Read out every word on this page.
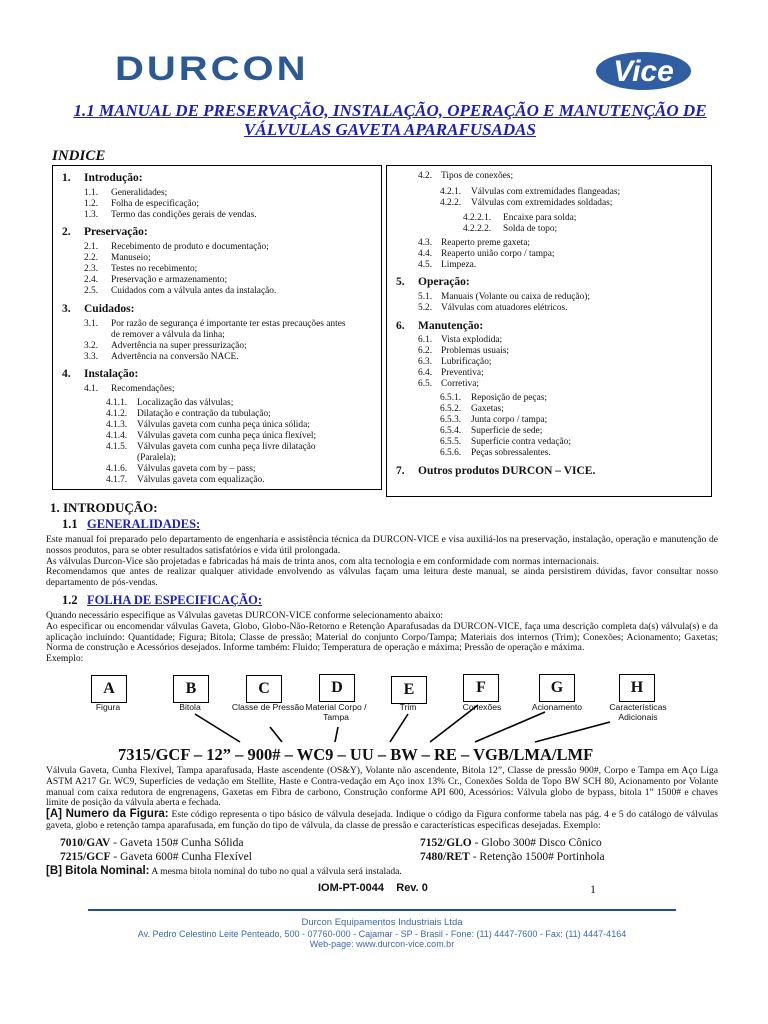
DURCON	Vice
1.1 MANUAL DE PRESERVAÇÃO, INSTALAÇÃO, OPERAÇÃO E MANUTENÇÃO DE
VÁLVULAS GAVETA APARAFUSADAS
INDICE
1. Introdução:
1.1. Generalidades;
1.2. Folha de especificação;
1.3. Termo das condições gerais de vendas.
2. Preservação:
2.1. Recebimento de produto e documentação;
2.2. Manuseio;
2.3. Testes no recebimento;
2.4. Preservação e armazenamento;
2.5. Cuidados com a válvula antes da instalação.
3. Cuidados:
3.1. Por razão de segurança é importante ter estas precauções antes
de remover a válvula da linha;
3.2. Advertência na super pressurização;
3.3. Advertência na conversão NACE.
4. Instalação:
4.1. Recomendações;
4.1.1. Localização das válvulas;
4.1.2. Dilatação e contração da tubulação;
4.1.3. Válvulas gaveta com cunha peça única sólida;
4.1.4. Válvulas gaveta com cunha peça única flexível;
4.1.5. Válvulas gaveta com cunha peça livre dilatação
(Paralela);
4.1.6. Válvulas gaveta com by – pass;
4.1.7. Válvulas gaveta com equalização.
4.2. Tipos de conexões;
4.2.1. Válvulas com extremidades flangeadas;
4.2.2. Válvulas com extremidades soldadas;
4.2.2.1. Encaixe para solda;
4.2.2.2. Solda de topo;
4.3. Reaperto preme gaxeta;
4.4. Reaperto união corpo / tampa;
4.5. Limpeza.
5. Operação:
5.1. Manuais (Volante ou caixa de redução);
5.2. Válvulas com atuadores elétricos.
6. Manutenção:
6.1. Vista explodida;
6.2. Problemas usuais;
6.3. Lubrificação;
6.4. Preventiva;
6.5. Corretiva;
6.5.1. Reposição de peças;
6.5.2. Gaxetas;
6.5.3. Junta corpo / tampa;
6.5.4. Superfície de sede;
6.5.5. Superfície contra vedação;
6.5.6. Peças sobressalentes.
7. Outros produtos DURCON – VICE.
1. INTRODUÇÃO:
1.1 GENERALIDADES:
Este manual foi preparado pelo departamento de engenharia e assistência técnica da DURCON-VICE e visa auxiliá-los na preservação, instalação, operação e manutenção de nossos produtos, para se obter resultados satisfatórios e vida útil prolongada.
As válvulas Durcon-Vice são projetadas e fabricadas há mais de trinta anos, com alta tecnologia e em conformidade com normas internacionais.
Recomendamos que antes de realizar qualquer atividade envolvendo as válvulas façam uma leitura deste manual, se ainda persistirem dúvidas, favor consultar nosso departamento de pós-vendas.
1.2 FOLHA DE ESPECIFICAÇÃO:
Quando necessário especifique as Válvulas gavetas DURCON-VICE conforme selecionamento abaixo:
Ao especificar ou encomendar válvulas Gaveta, Globo, Globo-Não-Retorno e Retenção Aparafusadas da DURCON-VICE, faça uma descrição completa da(s) válvula(s) e da aplicação incluindo: Quantidade; Figura; Bitola; Classe de pressão; Material do conjunto Corpo/Tampa; Materiais dos internos (Trim); Conexões; Acionamento; Gaxetas; Norma de construção e Acessórios desejados. Informe também: Fluido; Temperatura de operação e máxima; Pressão de operação e máxima.
Exemplo:
A
Figura
B
Bitola
C
Classe de Pressão
D
Material Corpo / Tampa
E
Trim
F
Conexões
G
Acionamento
H
Características Adicionais
7315/GCF – 12” – 900# – WC9 – UU – BW – RE – VGB/LMA/LMF
Válvula Gaveta, Cunha Flexível, Tampa aparafusada, Haste ascendente (OS&Y), Volante não ascendente, Bitola 12”, Classe de pressão 900#, Corpo e Tampa em Aço Liga ASTM A217 Gr. WC9, Superfícies de vedação em Stellite, Haste e Contra-vedação em Aço inox 13% Cr., Conexões Solda de Topo BW SCH 80, Acionamento por Volante manual com caixa redutora de engrenagens, Gaxetas em Fibra de carbono, Construção conforme API 600, Acessórios: Válvula globo de bypass, bitola 1” 1500# e chaves limite de posição da válvula aberta e fechada.
[A] Numero da Figura: Este código representa o tipo básico de válvula desejada. Indique o código da Figura conforme tabela nas pág. 4 e 5 do catálogo de válvulas gaveta, globo e retenção tampa aparafusada, em função do tipo de válvula, da classe de pressão e características especificas desejadas. Exemplo:
7010/GAV - Gaveta 150# Cunha Sólida
7215/GCF - Gaveta 600# Cunha Flexível
7152/GLO - Globo 300# Disco Cônico
7480/RET - Retenção 1500# Portinhola
[B] Bitola Nominal: A mesma bitola nominal do tubo no qual a válvula será instalada.
IOM-PT-0044    Rev. 0	1
Durcon Equipamentos Industriais Ltda
Av. Pedro Celestino Leite Penteado, 500 - 07760-000 - Cajamar - SP - Brasil - Fone: (11) 4447-7600 - Fax: (11) 4447-4164
Web-page: www.durcon-vice.com.br
